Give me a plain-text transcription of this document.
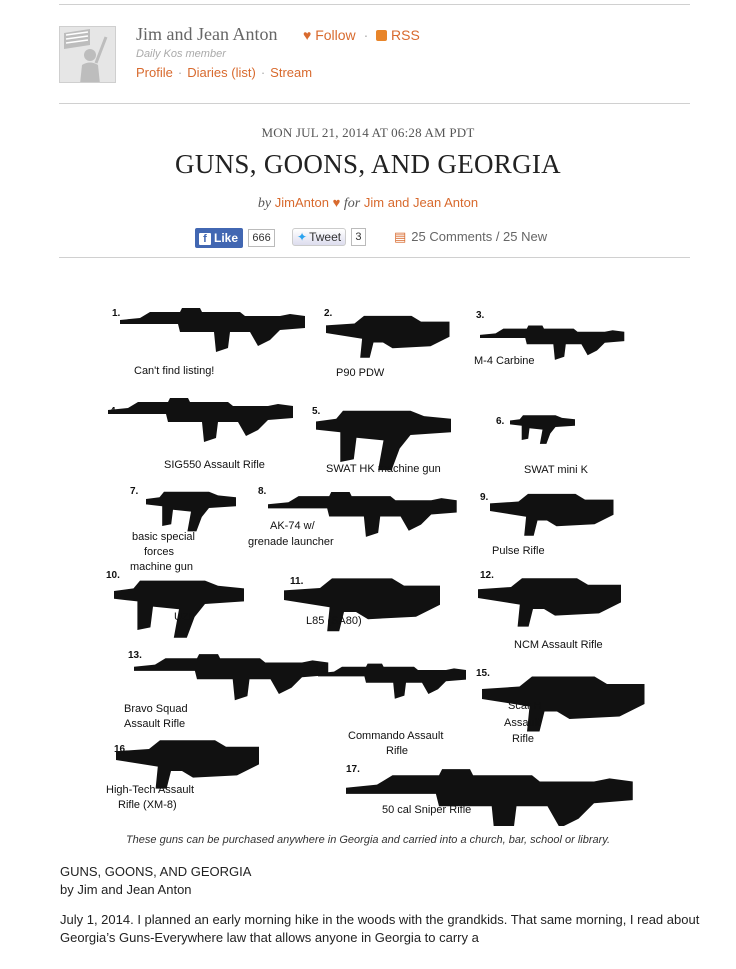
Jim and Jean Anton ♥ Follow · RSS
Daily Kos member
Profile · Diaries (list) · Stream
MON JUL 21, 2014 AT 06:28 AM PDT
GUNS, GOONS, AND GEORGIA
by JimAnton ♥ for Jim and Jean Anton
f Like 666	✦ Tweet 3	▤ 25 Comments / 25 New
1.
Can't find listing!
2.
P90 PDW
3.
M-4 Carbine
4.
SIG550 Assault Rifle
5.
SWAT HK machine gun
6.
SWAT mini K
7.
basic special
forces
machine gun
8.
AK-74 w/
grenade launcher
9.
Pulse Rifle
10.
UZI
11.
L85 (SA80)
12.
NCM Assault Rifle
13.
Bravo Squad
Assault Rifle
14.
Commando Assault
Rifle
15.
Scar H
Assault
Rifle
16.
High-Tech Assault
Rifle (XM-8)
17.
50 cal Sniper Rifle
These guns can be purchased anywhere in Georgia and carried into a church, bar, school or library.
GUNS, GOONS, AND GEORGIA

by Jim and Jean Anton

July 1, 2014. I planned an early morning hike in the woods with the grandkids. That same morning, I read about Georgia’s Guns-Everywhere law that allows anyone in Georgia to carry a
